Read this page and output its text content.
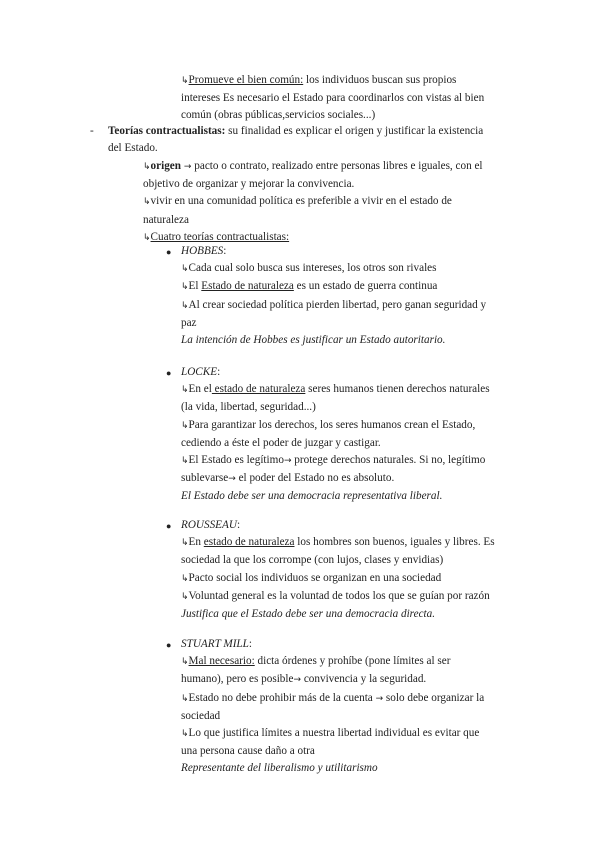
↳Promueve el bien común: los individuos buscan sus propios
intereses Es necesario el Estado para coordinarlos con vistas al bien
común (obras públicas,servicios sociales...)
- Teorías contractualistas: su finalidad es explicar el origen y justificar la existencia
del Estado.
↳origen → pacto o contrato, realizado entre personas libres e iguales, con el
objetivo de organizar y mejorar la convivencia.
↳vivir en una comunidad política es preferible a vivir en el estado de
naturaleza
↳Cuatro teorías contractualistas:
● HOBBES:
↳Cada cual solo busca sus intereses, los otros son rivales
↳El Estado de naturaleza es un estado de guerra continua
↳Al crear sociedad política pierden libertad, pero ganan seguridad y
paz
La intención de Hobbes es justificar un Estado autoritario.
● LOCKE:
↳En el estado de naturaleza seres humanos tienen derechos naturales
(la vida, libertad, seguridad...)
↳Para garantizar los derechos, los seres humanos crean el Estado,
cediendo a éste el poder de juzgar y castigar.
↳El Estado es legítimo→ protege derechos naturales. Si no, legítimo
sublevarse→ el poder del Estado no es absoluto.
El Estado debe ser una democracia representativa liberal.
● ROUSSEAU:
↳En estado de naturaleza los hombres son buenos, iguales y libres. Es
sociedad la que los corrompe (con lujos, clases y envidias)
↳Pacto social los individuos se organizan en una sociedad
↳Voluntad general es la voluntad de todos los que se guían por razón
Justifica que el Estado debe ser una democracia directa.
● STUART MILL:
↳Mal necesario: dicta órdenes y prohíbe (pone límites al ser
humano), pero es posible→ convivencia y la seguridad.
↳Estado no debe prohibir más de la cuenta → solo debe organizar la
sociedad
↳Lo que justifica límites a nuestra libertad individual es evitar que
una persona cause daño a otra
Representante del liberalismo y utilitarismo
